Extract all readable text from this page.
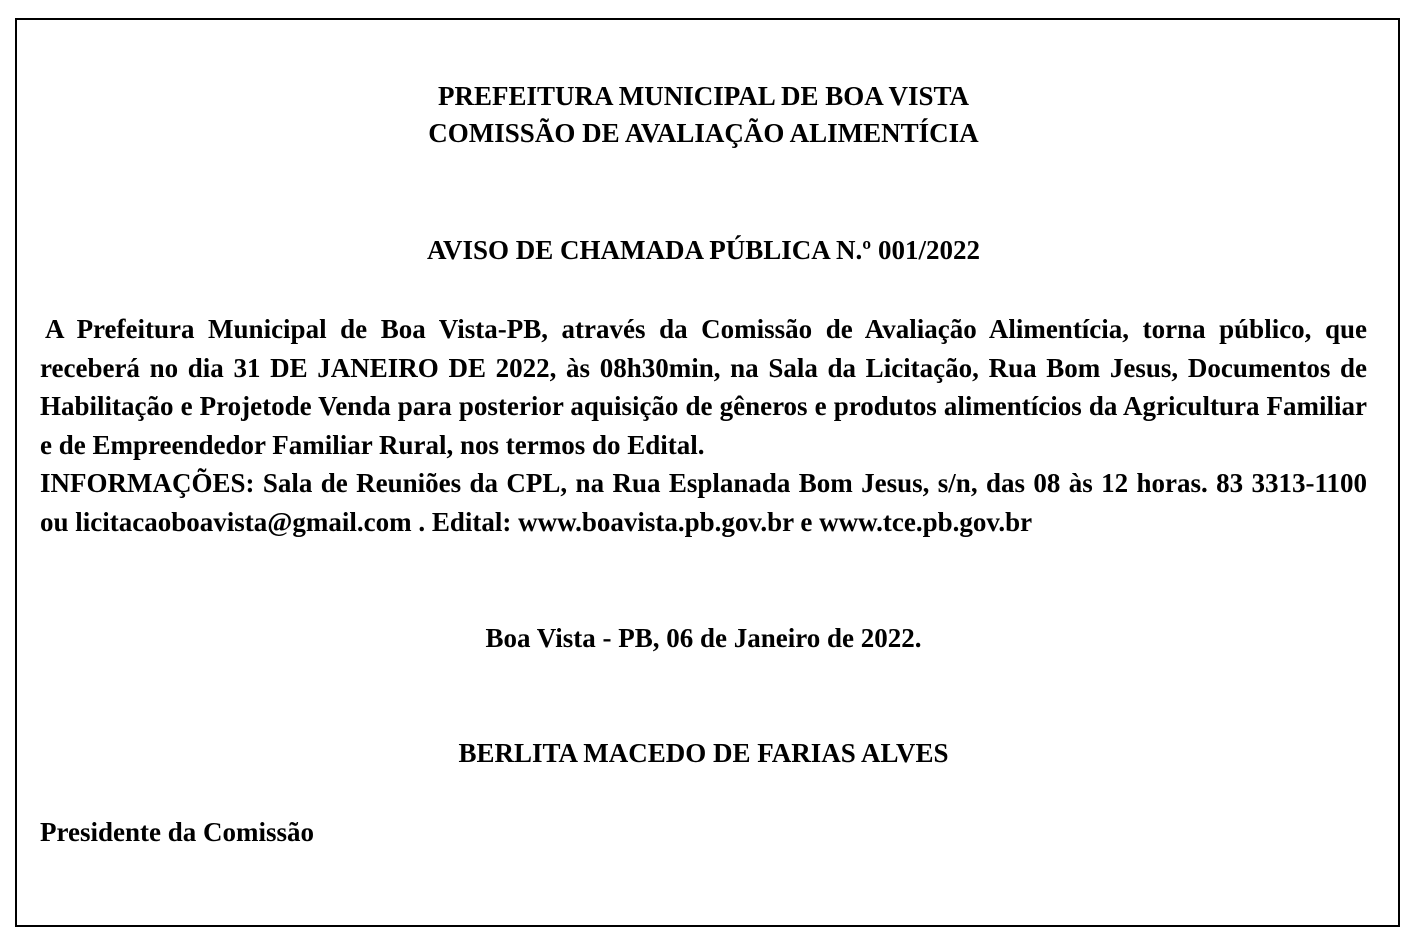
PREFEITURA MUNICIPAL DE BOA VISTA

COMISSÃO DE AVALIAÇÃO ALIMENTÍCIA

AVISO DE CHAMADA PÚBLICA N.º 001/2022

A Prefeitura Municipal de Boa Vista-PB, através da Comissão de Avaliação Alimentícia, torna público, que receberá no dia 31 DE JANEIRO DE 2022, às 08h30min, na Sala da Licitação, Rua Bom Jesus, Documentos de Habilitação e Projetode Venda para posterior aquisição de gêneros e produtos alimentícios da Agricultura Familiar e de Empreendedor Familiar Rural, nos termos do Edital.

INFORMAÇÕES: Sala de Reuniões da CPL, na Rua Esplanada Bom Jesus, s/n, das 08 às 12 horas. 83 3313-1100 ou licitacaoboavista@gmail.com . Edital: www.boavista.pb.gov.br e www.tce.pb.gov.br

Boa Vista - PB, 06 de Janeiro de 2022.

BERLITA MACEDO DE FARIAS ALVES

Presidente da Comissão
